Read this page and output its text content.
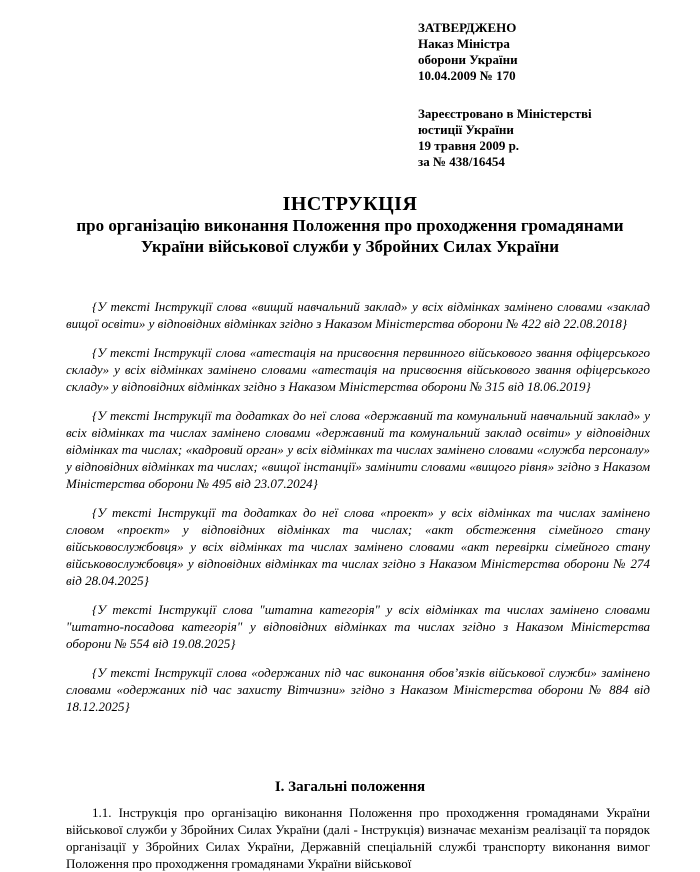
ЗАТВЕРДЖЕНО
Наказ Міністра
оборони України
10.04.2009 № 170
Зареєстровано в Міністерстві
юстиції України
19 травня 2009 р.
за № 438/16454
ІНСТРУКЦІЯ
про організацію виконання Положення про проходження громадянами України військової служби у Збройних Силах України

{У тексті Інструкції слова «вищий навчальний заклад» у всіх відмінках замінено словами «заклад вищої освіти» у відповідних відмінках згідно з Наказом Міністерства оборони № 422 від 22.08.2018}

{У тексті Інструкції слова «атестація на присвоєння первинного військового звання офіцерського складу» у всіх відмінках замінено словами «атестація на присвоєння військового звання офіцерського складу» у відповідних відмінках згідно з Наказом Міністерства оборони № 315 від 18.06.2019}

{У тексті Інструкції та додатках до неї слова «державний та комунальний навчальний заклад» у всіх відмінках та числах замінено словами «державний та комунальний заклад освіти» у відповідних відмінках та числах; «кадровий орган» у всіх відмінках та числах замінено словами «служба персоналу» у відповідних відмінках та числах; «вищої інстанції» замінити словами «вищого рівня» згідно з Наказом Міністерства оборони № 495 від 23.07.2024}

{У тексті Інструкції та додатках до неї слова «проект» у всіх відмінках та числах замінено словом «проєкт» у відповідних відмінках та числах; «акт обстеження сімейного стану військовослужбовця» у всіх відмінках та числах замінено словами «акт перевірки сімейного стану військовослужбовця» у відповідних відмінках та числах згідно з Наказом Міністерства оборони № 274 від 28.04.2025}

{У тексті Інструкції слова "штатна категорія" у всіх відмінках та числах замінено словами "штатно-посадова категорія" у відповідних відмінках та числах згідно з Наказом Міністерства оборони № 554 від 19.08.2025}

{У тексті Інструкції слова «одержаних під час виконання обов’язків військової служби» замінено словами «одержаних під час захисту Вітчизни» згідно з Наказом Міністерства оборони № 884 від 18.12.2025}

І. Загальні положення

1.1. Інструкція про організацію виконання Положення про проходження громадянами України військової служби у Збройних Силах України (далі - Інструкція) визначає механізм реалізації та порядок організації у Збройних Силах України, Державній спеціальній службі транспорту виконання вимог Положення про проходження громадянами України військової
